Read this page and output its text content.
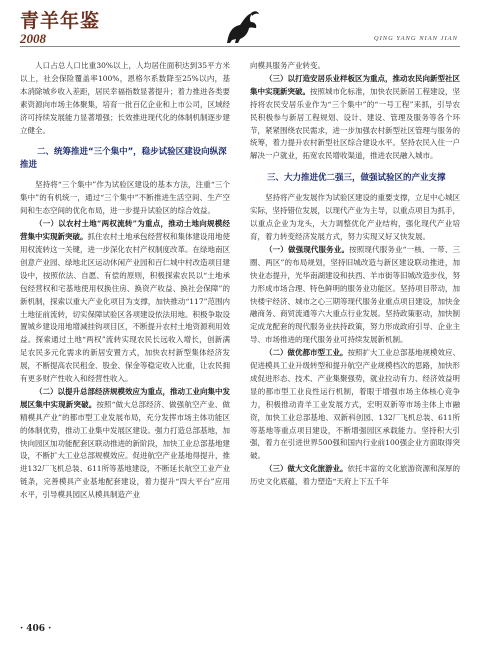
青羊年鉴
2008	QING YANG NIAN JIAN

人口占总人口比重30%以上，人均居住面积达到35平方米以上，社会保险覆盖率100%，恩格尔系数降至25%以内，基本消除城乡收入差距，居民幸福指数显著提升；着力推进各类要素资源向市场主体聚集，培育一批百亿企业和上市公司，区域经济可持续发展能力显著增强；长效推进现代化的体制机制逐步建立健全。

二、统筹推进“三个集中”，稳步试验区建设向纵深推进

坚持将“三个集中”作为试验区建设的基本方法，注重“三个集中”的有机统一，通过“三个集中”不断推进生活空间、生产空间和生态空间的优化布局，进一步提升试验区的综合效益。

（一）以农村土地“两权流转”为重点，推动土地向规模经营集中实现新突破。抓住农村土地承包经营权和集体建设用地使用权流转这一关键，进一步深化农村产权制度改革。在绿地南区创意产业园、绿地北区运动休闲产业园和百仁城中村改造项目建设中，按照依法、自愿、有偿的原则，积极探索农民以“土地承包经营权和宅基地使用权换住房、换资产收益、换社会保障”的新机制，探索以重大产业化项目为支撑，加快推动“117”范围内土地征前流转，切实保障试验区各项建设依法用地。积极争取设置城乡建设用地增减挂钩项目区，不断提升农村土地资源利用效益。探索通过土地“两权”流转实现农民长远收入增长，创新满足农民多元化需求的新居安置方式，加快农村新型集体经济发展，不断提高农民租金、股金、保金等稳定收入比重，让农民拥有更多财产性收入和经营性收入。

（二）以提升总部经济规模效应为重点，推动工业向集中发展区集中实现新突破。按照“做大总部经济、做强航空产业、做精模具产业”的都市型工业发展布局，充分发挥市场主体功能区的体制优势，推动工业集中发展区建设。强力打造总部基地，加快向园区加功能配套区联动推进的新阶段，加快工业总部基地建设，不断扩大工业总部规模效应。促进航空产业基地得提升，推进132厂飞机总装、611所等基地建设，不断延长航空工业产业链条，完善模具产业基地配套建设，着力提升“四大平台”应用水平，引导模具园区从模具制造产业

向模具服务产业转变。

（三）以打造安居乐业样板区为重点，推动农民向新型社区集中实现新突破。按照城市化标准，加快农民新居工程建设，坚持将农民安居乐业作为“三个集中”的“一号工程”来抓，引导农民积极参与新居工程规划、设计、建设、管理及服务等各个环节，紧紧围绕农民需求，进一步加强农村新型社区管理与服务的统筹，着力提升农村新型社区综合建设水平。坚持农民入住一户解决一户就业，拓宽农民增收渠道，推进农民融入城市。

三、大力推进优二强三，做强试验区的产业支撑

坚持将产业发展作为试验区建设的重要支撑，立足中心城区实际，坚持错位发展，以现代产业为主导，以重点项目为抓手，以重点企业为龙头，大力调整优化产业结构，强化现代产业培育，着力转变经济发展方式，努力实现又好又快发展。

（一）做强现代服务业。按照现代服务业“一核、一带、三圈、两区”的布局规划，坚持旧城改造与新区建设联动推进，加快业态提升，光华南湖建设和扶西、羊市街等旧城改造步伐，努力形成市场合理、特色鲜明的服务业功能区。坚持项目带动，加快楼宇经济、城市之心三期等现代服务业重点项目建设，加快金融商务、商贸流通等六大重点行业发展。坚持政策驱动，加快制定成龙配套的现代服务业扶持政策，努力形成政府引导、企业主导、市场推进的现代服务业可持续发展新机制。

（二）做优都市型工业。按照扩大工业总部基地规模效应、促进模具工业升级转型和提升航空产业规模档次的思路，加快形成促进形态、技术、产业集聚强势，就业拉动有力、经济效益明显的都市型工业良性运行机制，着眼于增强市场主体核心竞争力，积极推动青羊工业发展方式，宏明双新等市场主体上市融资，加快工业总部基地、双新科创园、132厂飞机总装、611所等基地等重点项目建设，不断增强园区承载能力。坚持积大引强，着力在引进世界500强和国内行业前100强企业方面取得突破。

（三）做大文化旅游业。依托丰富的文化旅游资源和深厚的历史文化底蕴，着力塑造“天府上下五千年

· 406 ·
